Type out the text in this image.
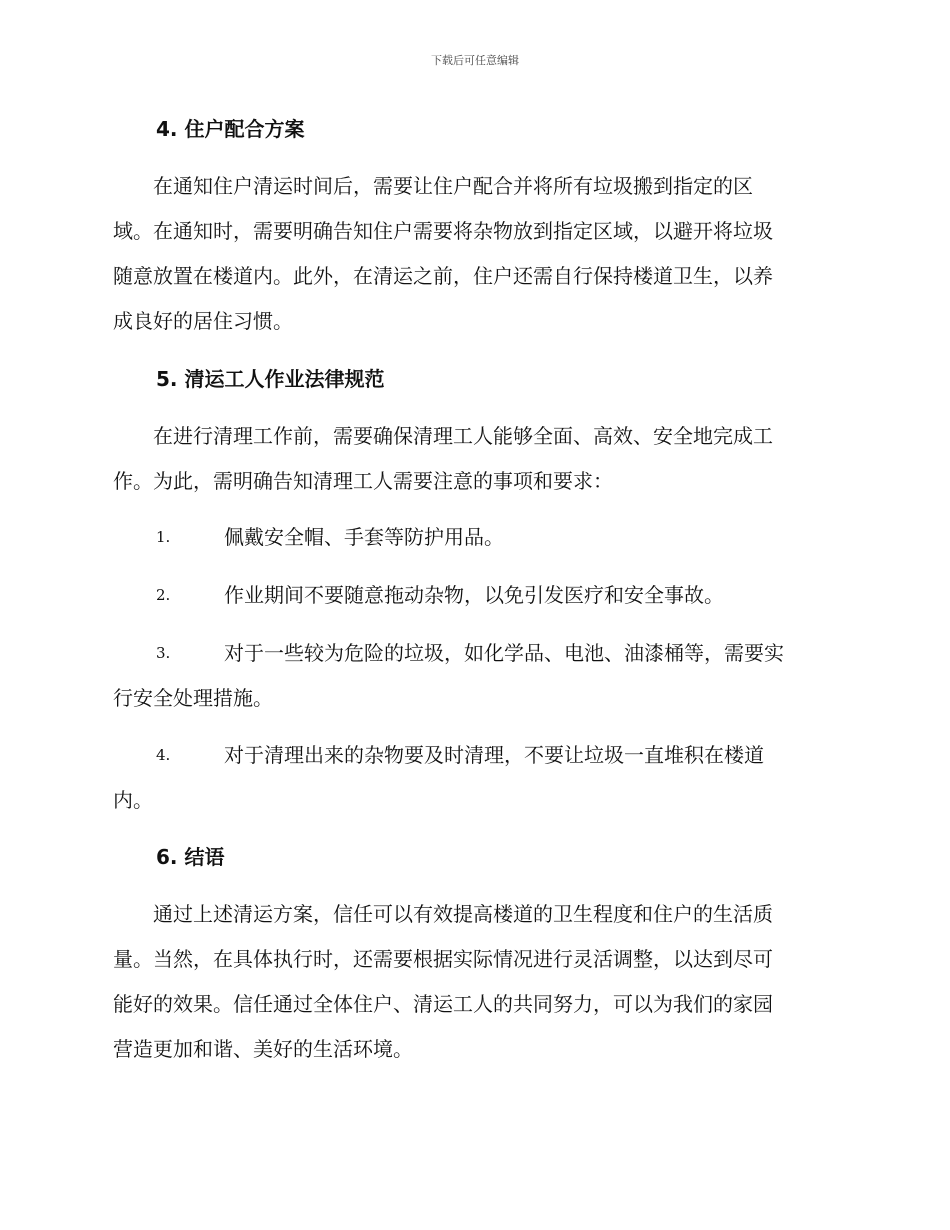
下载后可任意编辑
4. 住户配合方案
　　在通知住户清运时间后，需要让住户配合并将所有垃圾搬到指定的区
域。在通知时，需要明确告知住户需要将杂物放到指定区域，以避开将垃圾
随意放置在楼道内。此外，在清运之前，住户还需自行保持楼道卫生，以养
成良好的居住习惯。
5. 清运工人作业法律规范
　　在进行清理工作前，需要确保清理工人能够全面、高效、安全地完成工
作。为此，需明确告知清理工人需要注意的事项和要求：
1.	佩戴安全帽、手套等防护用品。
2.	作业期间不要随意拖动杂物，以免引发医疗和安全事故。
3.	对于一些较为危险的垃圾，如化学品、电池、油漆桶等，需要实
行安全处理措施。
4.	对于清理出来的杂物要及时清理，不要让垃圾一直堆积在楼道
内。
6. 结语
　　通过上述清运方案，信任可以有效提高楼道的卫生程度和住户的生活质
量。当然，在具体执行时，还需要根据实际情况进行灵活调整，以达到尽可
能好的效果。信任通过全体住户、清运工人的共同努力，可以为我们的家园
营造更加和谐、美好的生活环境。
